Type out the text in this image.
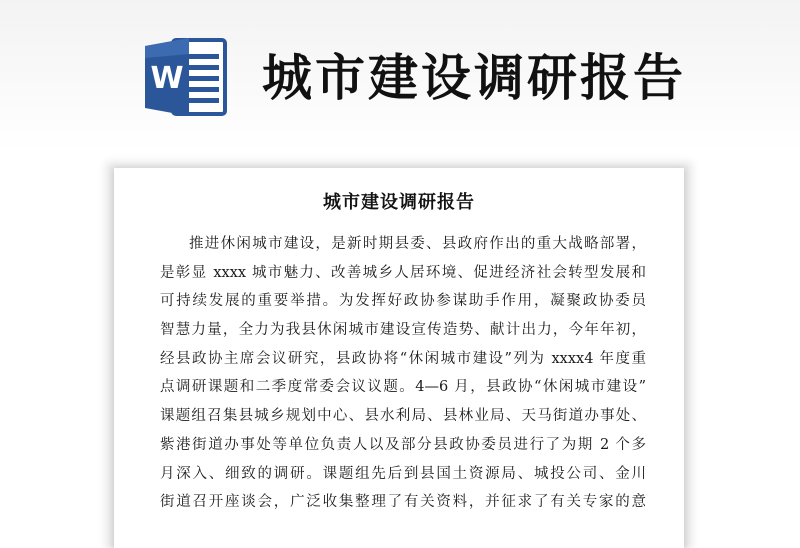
W 城市建设调研报告
城市建设调研报告
推进休闲城市建设，是新时期县委、县政府作出的重大战略部署，
是彰显 xxxx 城市魅力、改善城乡人居环境、促进经济社会转型发展和
可持续发展的重要举措。为发挥好政协参谋助手作用，凝聚政协委员
智慧力量，全力为我县休闲城市建设宣传造势、献计出力，今年年初，
经县政协主席会议研究，县政协将“休闲城市建设”列为 xxxx4 年度重
点调研课题和二季度常委会议议题。4—6 月，县政协“休闲城市建设”
课题组召集县城乡规划中心、县水利局、县林业局、天马街道办事处、
紫港街道办事处等单位负责人以及部分县政协委员进行了为期 2 个多
月深入、细致的调研。课题组先后到县国土资源局、城投公司、金川
街道召开座谈会，广泛收集整理了有关资料，并征求了有关专家的意
